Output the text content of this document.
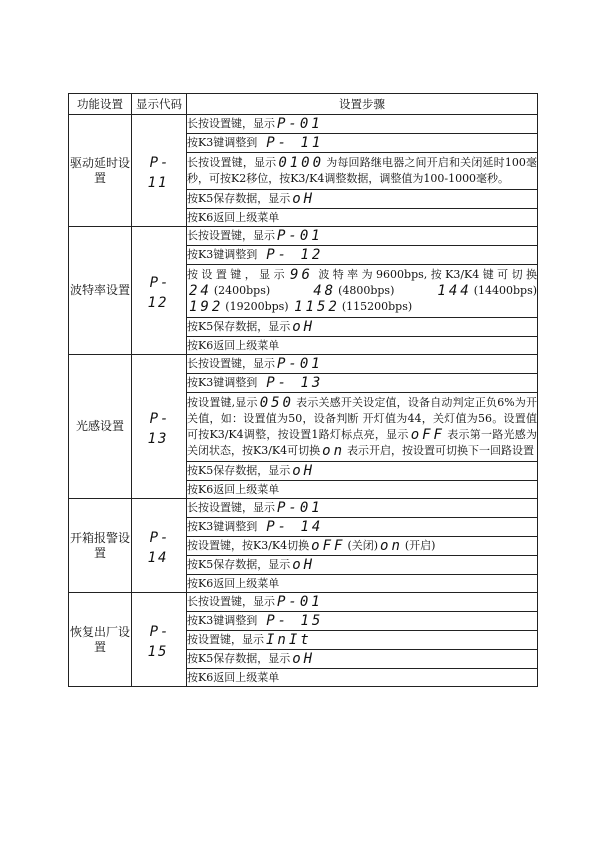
功能设置	显示代码	设置步骤
驱动延时设置	P- 11	长按设置键，显示 P-01
		按K3键调整到 P- 11
		长按设置键，显示 0100 为每回路继电器之间开启和关闭延时100毫秒，可按K2移位，按K3/K4调整数据，调整值为100-1000毫秒。
		按K5保存数据，显示 oH
		按K6返回上级菜单
波特率设置	P- 12	长按设置键，显示 P-01
		按K3键调整到 P- 12
		按设置键，显示 96 波特率为9600bps,按K3/K4键可切换24 (2400bps) 48 (4800bps) 144 (14400bps) 192 (19200bps) 1152 (115200bps)
		按K5保存数据，显示 oH
		按K6返回上级菜单
光感设置	P- 13	长按设置键，显示 P-01
		按K3键调整到 P- 13
		按设置键,显示 050 表示关感开关设定值，设备自动判定正负6%为开关值，如：设置值为50，设备判断 开灯值为44，关灯值为56。设置值可按K3/K4调整，按设置1路灯标点亮，显示 oFF 表示第一路光感为关闭状态，按K3/K4可切换 on 表示开启，按设置可切换下一回路设置
		按K5保存数据，显示 oH
		按K6返回上级菜单
开箱报警设置	P- 14	长按设置键，显示 P-01
		按K3键调整到 P- 14
		按设置键，按K3/K4切换 oFF (关闭) on (开启)
		按K5保存数据，显示 oH
		按K6返回上级菜单
恢复出厂设置	P- 15	长按设置键，显示 P-01
		按K3键调整到 P- 15
		按设置键，显示 InIt
		按K5保存数据，显示 oH
		按K6返回上级菜单
